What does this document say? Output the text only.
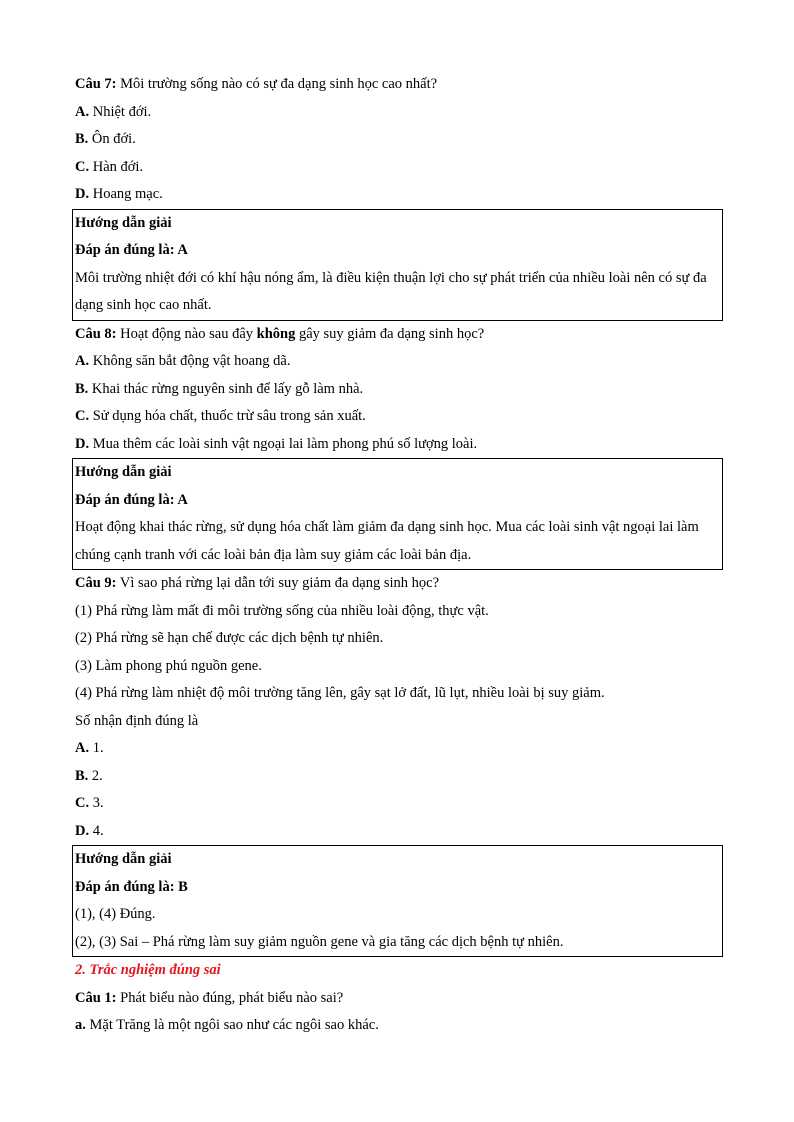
Câu 7: Môi trường sống nào có sự đa dạng sinh học cao nhất?
A. Nhiệt đới.
B. Ôn đới.
C. Hàn đới.
D. Hoang mạc.
Hướng dẫn giải
Đáp án đúng là: A
Môi trường nhiệt đới có khí hậu nóng ẩm, là điều kiện thuận lợi cho sự phát triển của nhiều loài nên có sự đa dạng sinh học cao nhất.
Câu 8: Hoạt động nào sau đây không gây suy giảm đa dạng sinh học?
A. Không săn bắt động vật hoang dã.
B. Khai thác rừng nguyên sinh để lấy gỗ làm nhà.
C. Sử dụng hóa chất, thuốc trừ sâu trong sản xuất.
D. Mua thêm các loài sinh vật ngoại lai làm phong phú số lượng loài.
Hướng dẫn giải
Đáp án đúng là: A
Hoạt động khai thác rừng, sử dụng hóa chất làm giảm đa dạng sinh học. Mua các loài sinh vật ngoại lai làm chúng cạnh tranh với các loài bản địa làm suy giảm các loài bản địa.
Câu 9: Vì sao phá rừng lại dẫn tới suy giảm đa dạng sinh học?
(1) Phá rừng làm mất đi môi trường sống của nhiều loài động, thực vật.
(2) Phá rừng sẽ hạn chế được các dịch bệnh tự nhiên.
(3) Làm phong phú nguồn gene.
(4) Phá rừng làm nhiệt độ môi trường tăng lên, gây sạt lở đất, lũ lụt, nhiều loài bị suy giảm.
Số nhận định đúng là
A. 1.
B. 2.
C. 3.
D. 4.
Hướng dẫn giải
Đáp án đúng là: B
(1), (4) Đúng.
(2), (3) Sai – Phá rừng làm suy giảm nguồn gene và gia tăng các dịch bệnh tự nhiên.
2. Trắc nghiệm đúng sai
Câu 1: Phát biểu nào đúng, phát biểu nào sai?
a. Mặt Trăng là một ngôi sao như các ngôi sao khác.
